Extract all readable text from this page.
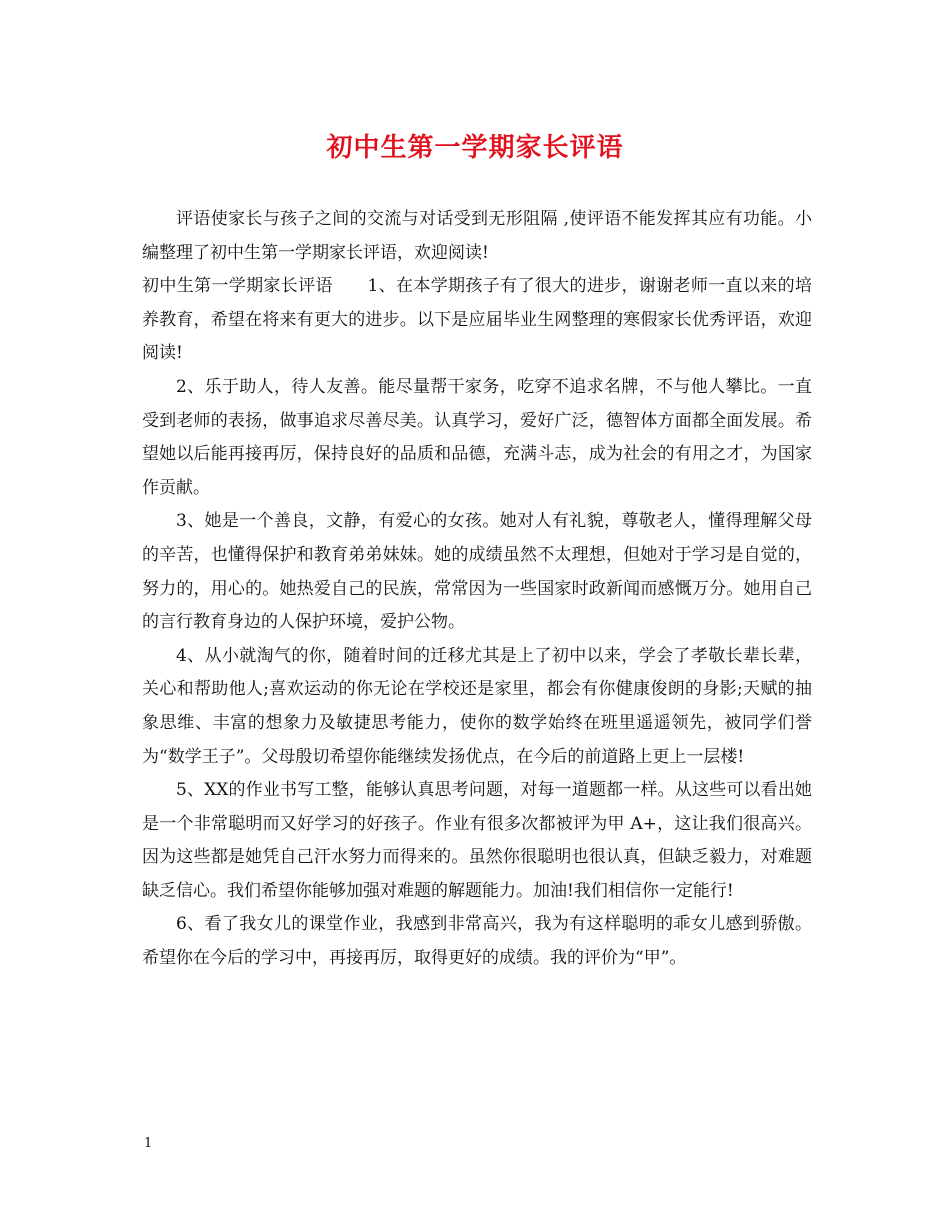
初中生第一学期家长评语

评语使家长与孩子之间的交流与对话受到无形阻隔 ,使评语不能发挥其应有功能。小编整理了初中生第一学期家长评语，欢迎阅读!

初中生第一学期家长评语　　1、在本学期孩子有了很大的进步，谢谢老师一直以来的培养教育，希望在将来有更大的进步。以下是应届毕业生网整理的寒假家长优秀评语，欢迎阅读!

2、乐于助人，待人友善。能尽量帮干家务，吃穿不追求名牌，不与他人攀比。一直受到老师的表扬，做事追求尽善尽美。认真学习，爱好广泛，德智体方面都全面发展。希望她以后能再接再厉，保持良好的品质和品德，充满斗志，成为社会的有用之才，为国家作贡献。

3、她是一个善良，文静，有爱心的女孩。她对人有礼貌，尊敬老人，懂得理解父母的辛苦，也懂得保护和教育弟弟妹妹。她的成绩虽然不太理想，但她对于学习是自觉的，努力的，用心的。她热爱自己的民族，常常因为一些国家时政新闻而感慨万分。她用自己的言行教育身边的人保护环境，爱护公物。

4、从小就淘气的你，随着时间的迁移尤其是上了初中以来，学会了孝敬长辈长辈，关心和帮助他人;喜欢运动的你无论在学校还是家里，都会有你健康俊朗的身影;天赋的抽象思维、丰富的想象力及敏捷思考能力，使你的数学始终在班里遥遥领先，被同学们誉为“数学王子”。父母殷切希望你能继续发扬优点，在今后的前道路上更上一层楼!

5、XX的作业书写工整，能够认真思考问题，对每一道题都一样。从这些可以看出她是一个非常聪明而又好学习的好孩子。作业有很多次都被评为甲 A+，这让我们很高兴。因为这些都是她凭自己汗水努力而得来的。虽然你很聪明也很认真，但缺乏毅力，对难题缺乏信心。我们希望你能够加强对难题的解题能力。加油!我们相信你一定能行!

6、看了我女儿的课堂作业，我感到非常高兴，我为有这样聪明的乖女儿感到骄傲。希望你在今后的学习中，再接再厉，取得更好的成绩。我的评价为“甲”。

1
